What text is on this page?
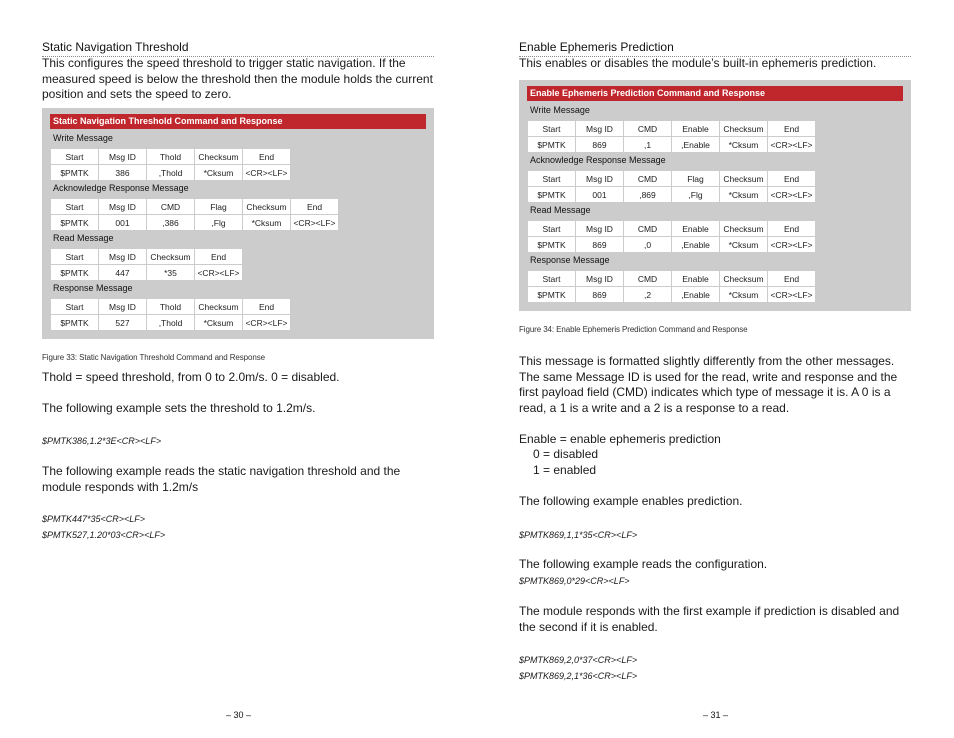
Static Navigation Threshold
This configures the speed threshold to trigger static navigation. If the measured speed is below the threshold then the module holds the current position and sets the speed to zero.
Static Navigation Threshold Command and Response
Write Message
Start	Msg ID	Thold	Checksum	End
$PMTK	386	,Thold	*Cksum	<CR><LF>
Acknowledge Response Message
Start	Msg ID	CMD	Flag	Checksum	End
$PMTK	001	,386	,Flg	*Cksum	<CR><LF>
Read Message
Start	Msg ID	Checksum	End
$PMTK	447	*35	<CR><LF>
Response Message
Start	Msg ID	Thold	Checksum	End
$PMTK	527	,Thold	*Cksum	<CR><LF>
Figure 33: Static Navigation Threshold Command and Response
Thold = speed threshold, from 0 to 2.0m/s. 0 = disabled.
The following example sets the threshold to 1.2m/s.
$PMTK386,1.2*3E<CR><LF>
The following example reads the static navigation threshold and the module responds with 1.2m/s
$PMTK447*35<CR><LF>
$PMTK527,1.20*03<CR><LF>
– 30 –
Enable Ephemeris Prediction
This enables or disables the module’s built-in ephemeris prediction.
Enable Ephemeris Prediction Command and Response
Write Message
Start	Msg ID	CMD	Enable	Checksum	End
$PMTK	869	,1	,Enable	*Cksum	<CR><LF>
Acknowledge Response Message
Start	Msg ID	CMD	Flag	Checksum	End
$PMTK	001	,869	,Flg	*Cksum	<CR><LF>
Read Message
Start	Msg ID	CMD	Enable	Checksum	End
$PMTK	869	,0	,Enable	*Cksum	<CR><LF>
Response Message
Start	Msg ID	CMD	Enable	Checksum	End
$PMTK	869	,2	,Enable	*Cksum	<CR><LF>
Figure 34: Enable Ephemeris Prediction Command and Response
This message is formatted slightly differently from the other messages. The same Message ID is used for the read, write and response and the first payload field (CMD) indicates which type of message it is. A 0 is a read, a 1 is a write and a 2 is a response to a read.
Enable = enable ephemeris prediction
0 = disabled
1 = enabled
The following example enables prediction.
$PMTK869,1,1*35<CR><LF>
The following example reads the configuration.
$PMTK869,0*29<CR><LF>
The module responds with the first example if prediction is disabled and the second if it is enabled.
$PMTK869,2,0*37<CR><LF>
$PMTK869,2,1*36<CR><LF>
– 31 –
